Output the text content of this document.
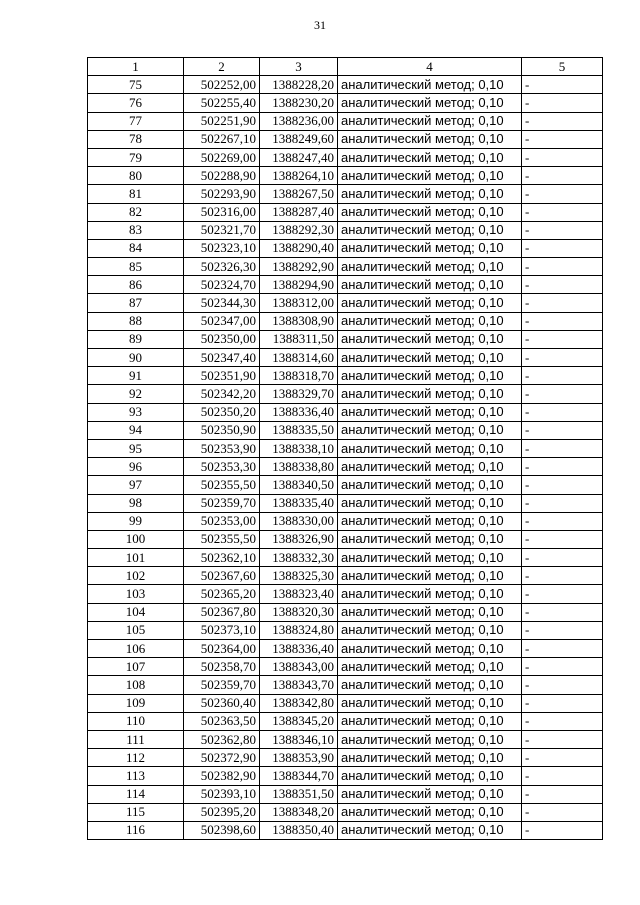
31
1	2	3	4	5
75	502252,00	1388228,20	аналитический метод; 0,10	-
76	502255,40	1388230,20	аналитический метод; 0,10	-
77	502251,90	1388236,00	аналитический метод; 0,10	-
78	502267,10	1388249,60	аналитический метод; 0,10	-
79	502269,00	1388247,40	аналитический метод; 0,10	-
80	502288,90	1388264,10	аналитический метод; 0,10	-
81	502293,90	1388267,50	аналитический метод; 0,10	-
82	502316,00	1388287,40	аналитический метод; 0,10	-
83	502321,70	1388292,30	аналитический метод; 0,10	-
84	502323,10	1388290,40	аналитический метод; 0,10	-
85	502326,30	1388292,90	аналитический метод; 0,10	-
86	502324,70	1388294,90	аналитический метод; 0,10	-
87	502344,30	1388312,00	аналитический метод; 0,10	-
88	502347,00	1388308,90	аналитический метод; 0,10	-
89	502350,00	1388311,50	аналитический метод; 0,10	-
90	502347,40	1388314,60	аналитический метод; 0,10	-
91	502351,90	1388318,70	аналитический метод; 0,10	-
92	502342,20	1388329,70	аналитический метод; 0,10	-
93	502350,20	1388336,40	аналитический метод; 0,10	-
94	502350,90	1388335,50	аналитический метод; 0,10	-
95	502353,90	1388338,10	аналитический метод; 0,10	-
96	502353,30	1388338,80	аналитический метод; 0,10	-
97	502355,50	1388340,50	аналитический метод; 0,10	-
98	502359,70	1388335,40	аналитический метод; 0,10	-
99	502353,00	1388330,00	аналитический метод; 0,10	-
100	502355,50	1388326,90	аналитический метод; 0,10	-
101	502362,10	1388332,30	аналитический метод; 0,10	-
102	502367,60	1388325,30	аналитический метод; 0,10	-
103	502365,20	1388323,40	аналитический метод; 0,10	-
104	502367,80	1388320,30	аналитический метод; 0,10	-
105	502373,10	1388324,80	аналитический метод; 0,10	-
106	502364,00	1388336,40	аналитический метод; 0,10	-
107	502358,70	1388343,00	аналитический метод; 0,10	-
108	502359,70	1388343,70	аналитический метод; 0,10	-
109	502360,40	1388342,80	аналитический метод; 0,10	-
110	502363,50	1388345,20	аналитический метод; 0,10	-
111	502362,80	1388346,10	аналитический метод; 0,10	-
112	502372,90	1388353,90	аналитический метод; 0,10	-
113	502382,90	1388344,70	аналитический метод; 0,10	-
114	502393,10	1388351,50	аналитический метод; 0,10	-
115	502395,20	1388348,20	аналитический метод; 0,10	-
116	502398,60	1388350,40	аналитический метод; 0,10	-
